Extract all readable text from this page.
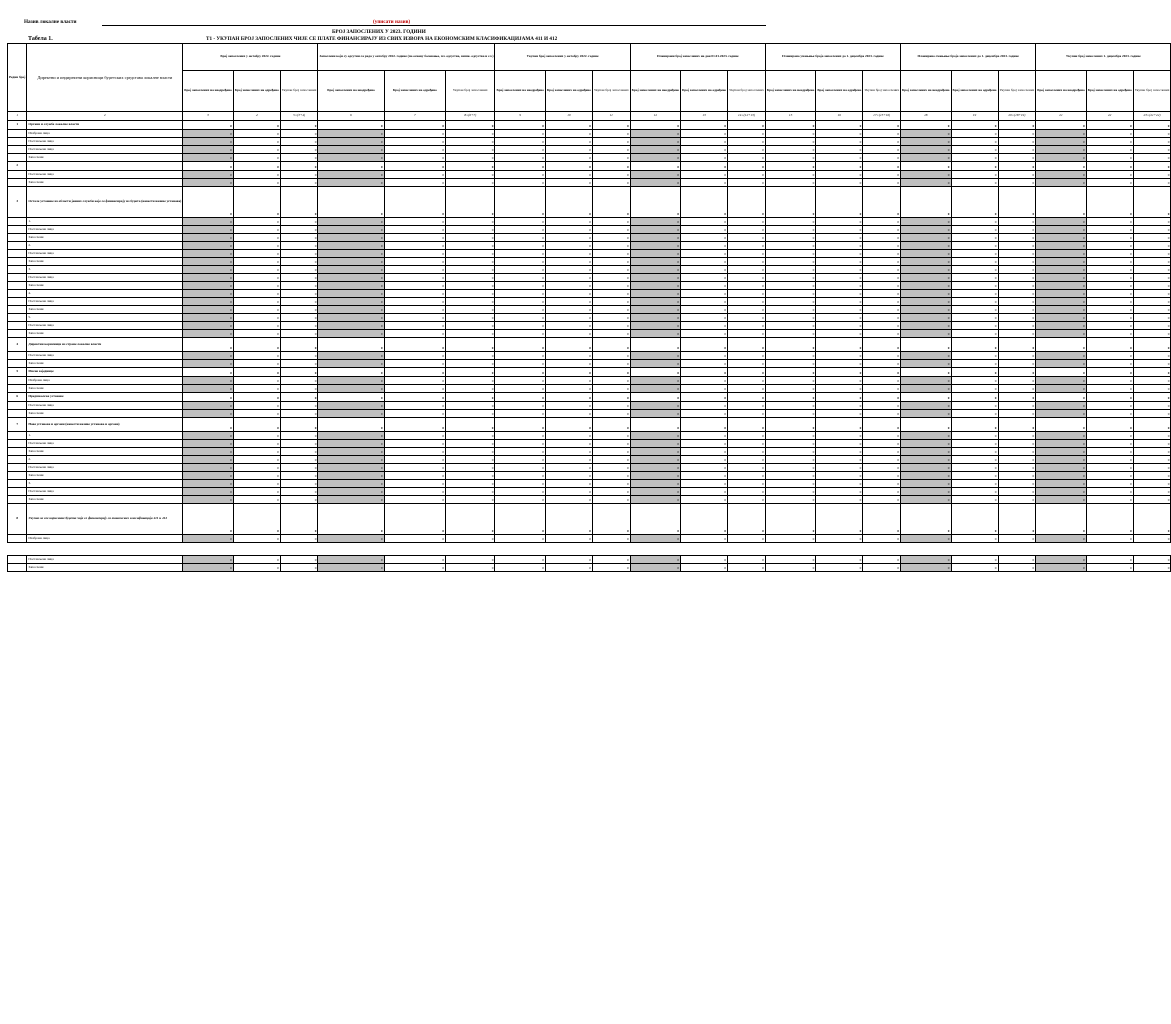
Назив локалне власти	(уписати назив)
БРОЈ ЗАПОСЛЕНИХ У 2023. ГОДИНИ
Табела 1.	Т1 - УКУПАН БРОЈ ЗАПОСЛЕНИХ ЧИЈЕ СЕ ПЛАТЕ ФИНАНСИРАЈУ ИЗ СВИХ ИЗВОРА НА ЕКОНОМСКИМ КЛАСИФИКАЦИЈАМА 411 И 412
Редни број	Директни и индиректни корисници буџетских средстава локалне власти	Број запослених у октобру 2022. године			Запослени који су одсутни са рада у октобру 2022. године (по основу боловања, пл. одсуства, вишк. одсуства и сл.)			Укупан број запослених у октобру 2022. године			Планирани број запослених на дан 01.01.2023. године			Планирано умањење броја запослених до 1. децембра 2023. године			Планирано смањење броја запослених до 1. децембра 2023. године			Укупан број запослених 1. децембра 2023. године		
		Број запослених на неодређено	Број запослених на одређено	Укупан број запослених	Број запослених на неодређено	Број запослених на одређено	Укупан број запослених	Број запослених на неодређено	Број запослених на одређено	Укупан број запослених	Број запослених на неодређено	Број запослених на одређено	Укупан број запослених	Број запослених на неодређено	Број запослених на одређено	Укупан број запослених	Број запослених на неодређено	Број запослених на одређено	Укупан број запослених	Број запослених на неодређено	Број запослених на одређено	Укупан број запослених
1	2	3	4	5=(3+4)	6	7	8=(6+7)	9	10	11	12	13	14=(12+13)	15	16	17=(15+16)	18	19	20=(18+19)	21	22	23=(21+22)
1	Органи и службе локалне власти	0	0	0	0	0	0	0	0	0	0	0	0	0	0	0	0	0	0	0	0	0
	Изабрана лица	0	0	0	0	0	0	0	0	0	0	0	0	0	0	0	0	0	0	0	0	0
	Постављена лица	0	0	0	0	0	0	0	0	0	0	0	0	0	0	0	0	0	0	0	0	0
	Постављена лица	0	0	0	0	0	0	0	0	0	0	0	0	0	0	0	0	0	0	0	0	0
	Запослени	0	0	0	0	0	0	0	0	0	0	0	0	0	0	0	0	0	0	0	0	0
2		0	0	0	0	0	0	0	0	0	0	0	0	0	0	0	0	0	0	0	0	0
	Постављена лица	0	0	0	0	0	0	0	0	0	0	0	0	0	0	0	0	0	0	0	0	0
	Запослени	0	0	0	0	0	0	0	0	0	0	0	0	0	0	0	0	0	0	0	0	0
3	Остале установе из области јавних служби које се финансирају из буџета (навести називе установа)	0	0	0	0	0	0	0	0	0	0	0	0	0	0	0	0	0	0	0	0	0
	1.	0	0	0	0	0	0	0	0	0	0	0	0	0	0	0	0	0	0	0	0	0
	Постављена лица	0	0	0	0	0	0	0	0	0	0	0	0	0	0	0	0	0	0	0	0	0
	Запослени	0	0	0	0	0	0	0	0	0	0	0	0	0	0	0	0	0	0	0	0	0
	2.	0	0	0	0	0	0	0	0	0	0	0	0	0	0	0	0	0	0	0	0	0
	Постављена лица	0	0	0	0	0	0	0	0	0	0	0	0	0	0	0	0	0	0	0	0	0
	Запослени	0	0	0	0	0	0	0	0	0	0	0	0	0	0	0	0	0	0	0	0	0
	3.	0	0	0	0	0	0	0	0	0	0	0	0	0	0	0	0	0	0	0	0	0
	Постављена лица	0	0	0	0	0	0	0	0	0	0	0	0	0	0	0	0	0	0	0	0	0
	Запослени	0	0	0	0	0	0	0	0	0	0	0	0	0	0	0	0	0	0	0	0	0
	4.	0	0	0	0	0	0	0	0	0	0	0	0	0	0	0	0	0	0	0	0	0
	Постављена лица	0	0	0	0	0	0	0	0	0	0	0	0	0	0	0	0	0	0	0	0	0
	Запослени	0	0	0	0	0	0	0	0	0	0	0	0	0	0	0	0	0	0	0	0	0
	5.	0	0	0	0	0	0	0	0	0	0	0	0	0	0	0	0	0	0	0	0	0
	Постављена лица	0	0	0	0	0	0	0	0	0	0	0	0	0	0	0	0	0	0	0	0	0
	Запослени	0	0	0	0	0	0	0	0	0	0	0	0	0	0	0	0	0	0	0	0	0
4	Директни корисници из стране локалне власти	0	0	0	0	0	0	0	0	0	0	0	0	0	0	0	0	0	0	0	0	0
	Постављена лица	0	0	0	0	0	0	0	0	0	0	0	0	0	0	0	0	0	0	0	0	0
	Запослени	0	0	0	0	0	0	0	0	0	0	0	0	0	0	0	0	0	0	0	0	0
5	Месне заједнице	0	0	0	0	0	0	0	0	0	0	0	0	0	0	0	0	0	0	0	0	0
	Изабрана лица	0	0	0	0	0	0	0	0	0	0	0	0	0	0	0	0	0	0	0	0	0
	Запослени	0	0	0	0	0	0	0	0	0	0	0	0	0	0	0	0	0	0	0	0	0
6	Предшколске установе	0	0	0	0	0	0	0	0	0	0	0	0	0	0	0	0	0	0	0	0	0
	Постављена лица	0	0	0	0	0	0	0	0	0	0	0	0	0	0	0	0	0	0	0	0	0
	Запослени	0	0	0	0	0	0	0	0	0	0	0	0	0	0	0	0	0	0	0	0	0
7	Нове установе и органи (навести називе установа и органа)	0	0	0	0	0	0	0	0	0	0	0	0	0	0	0	0	0	0	0	0	0
	1.	0	0	0	0	0	0	0	0	0	0	0	0	0	0	0	0	0	0	0	0	0
	Постављена лица	0	0	0	0	0	0	0	0	0	0	0	0	0	0	0	0	0	0	0	0	0
	Запослени	0	0	0	0	0	0	0	0	0	0	0	0	0	0	0	0	0	0	0	0	0
	2.	0	0	0	0	0	0	0	0	0	0	0	0	0	0	0	0	0	0	0	0	0
	Постављена лица	0	0	0	0	0	0	0	0	0	0	0	0	0	0	0	0	0	0	0	0	0
	Запослени	0	0	0	0	0	0	0	0	0	0	0	0	0	0	0	0	0	0	0	0	0
	3.	0	0	0	0	0	0	0	0	0	0	0	0	0	0	0	0	0	0	0	0	0
	Постављена лица	0	0	0	0	0	0	0	0	0	0	0	0	0	0	0	0	0	0	0	0	0
	Запослени	0	0	0	0	0	0	0	0	0	0	0	0	0	0	0	0	0	0	0	0	0
8	Укупно за све кориснике буџета чије се финансирају са економских класификација 411 и 412	0	0	0	0	0	0	0	0	0	0	0	0	0	0	0	0	0	0	0	0	0
	Изабрана лица	0	0	0	0	0	0	0	0	0	0	0	0	0	0	0	0	0	0	0	0	0

	Постављена лица	0	0	0	0	0	0	0	0	0	0	0	0	0	0	0	0	0	0	0	0	0
	Запослени	0	0	0	0	0	0	0	0	0	0	0	0	0	0	0	0	0	0	0	0	0
